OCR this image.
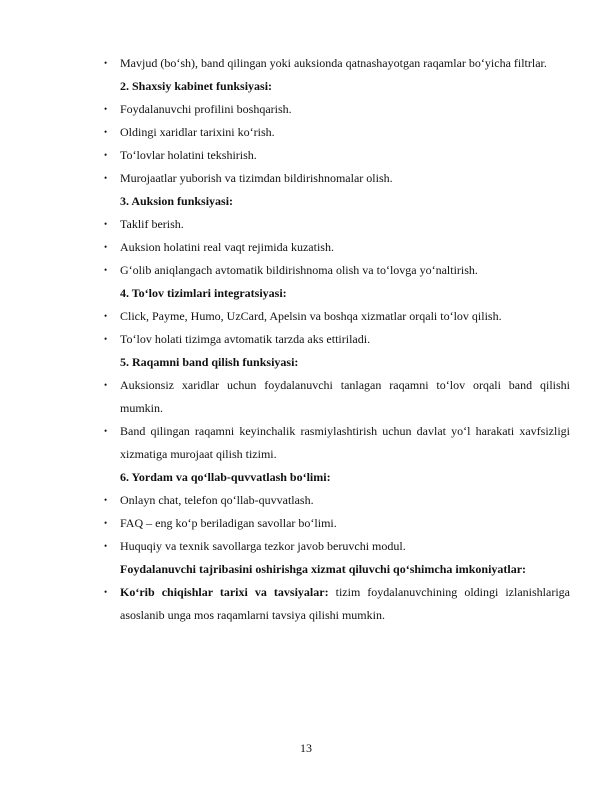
• Mavjud (bo‘sh), band qilingan yoki auksionda qatnashayotgan raqamlar bo‘yicha filtrlar.
2. Shaxsiy kabinet funksiyasi:
• Foydalanuvchi profilini boshqarish.
• Oldingi xaridlar tarixini ko‘rish.
• To‘lovlar holatini tekshirish.
• Murojaatlar yuborish va tizimdan bildirishnomalar olish.
3. Auksion funksiyasi:
• Taklif berish.
• Auksion holatini real vaqt rejimida kuzatish.
• G‘olib aniqlangach avtomatik bildirishnoma olish va to‘lovga yo‘naltirish.
4. To‘lov tizimlari integratsiyasi:
• Click, Payme, Humo, UzCard, Apelsin va boshqa xizmatlar orqali to‘lov qilish.
• To‘lov holati tizimga avtomatik tarzda aks ettiriladi.
5. Raqamni band qilish funksiyasi:
• Auksionsiz xaridlar uchun foydalanuvchi tanlagan raqamni to‘lov orqali band qilishi mumkin.
• Band qilingan raqamni keyinchalik rasmiylashtirish uchun davlat yo‘l harakati xavfsizligi xizmatiga murojaat qilish tizimi.
6. Yordam va qo‘llab-quvvatlash bo‘limi:
• Onlayn chat, telefon qo‘llab-quvvatlash.
• FAQ – eng ko‘p beriladigan savollar bo‘limi.
• Huquqiy va texnik savollarga tezkor javob beruvchi modul.
Foydalanuvchi tajribasini oshirishga xizmat qiluvchi qo‘shimcha imkoniyatlar:
• Ko‘rib chiqishlar tarixi va tavsiyalar: tizim foydalanuvchining oldingi izlanishlariga asoslanib unga mos raqamlarni tavsiya qilishi mumkin.
13
